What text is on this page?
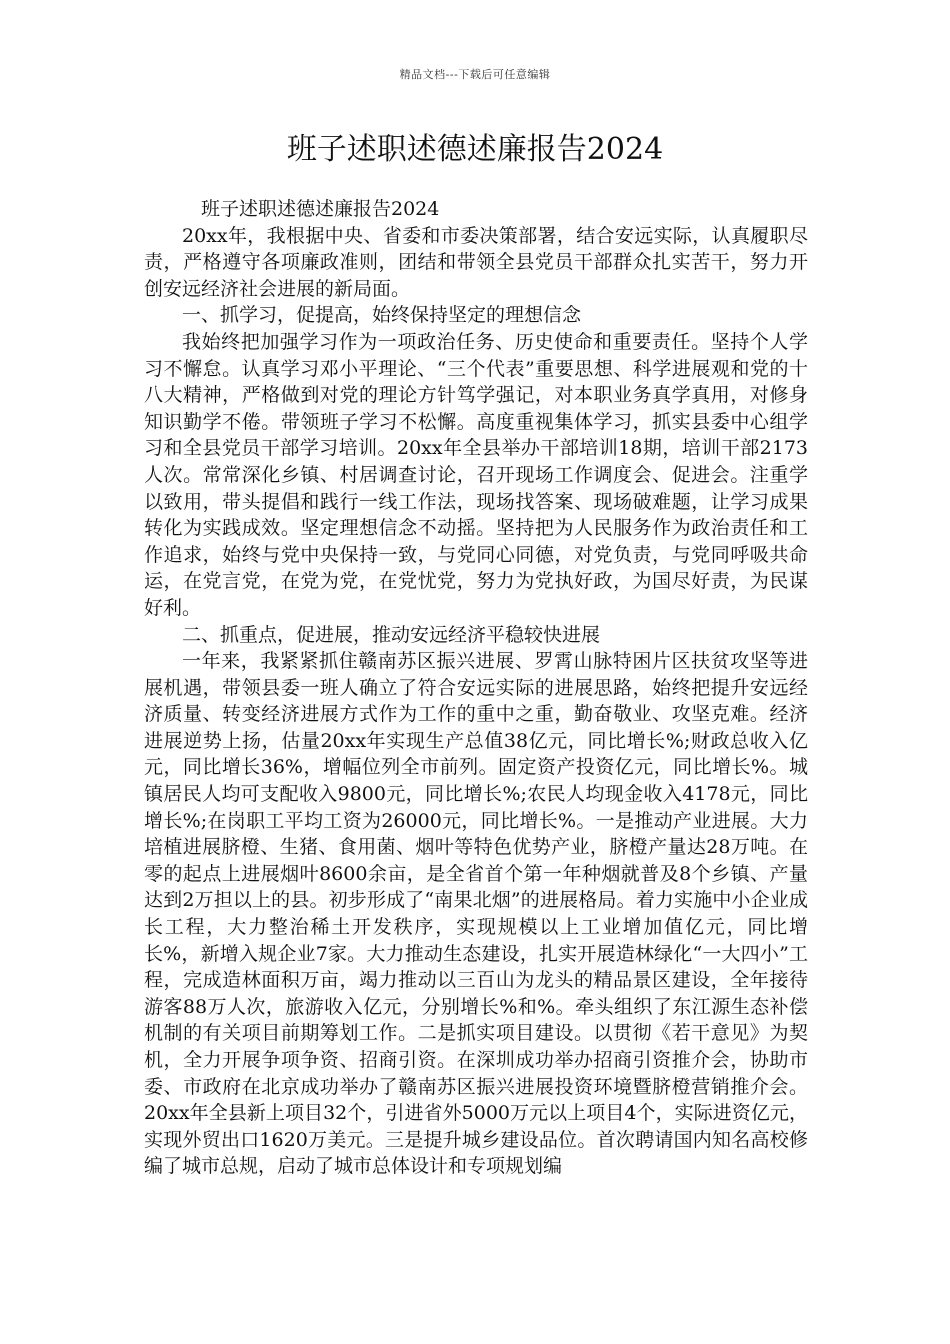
精品文档---下载后可任意编辑
班子述职述德述廉报告2024

班子述职述德述廉报告2024

20xx年，我根据中央、省委和市委决策部署，结合安远实际，认真履职尽责，严格遵守各项廉政准则，团结和带领全县党员干部群众扎实苦干，努力开创安远经济社会进展的新局面。

一、抓学习，促提高，始终保持坚定的理想信念

我始终把加强学习作为一项政治任务、历史使命和重要责任。坚持个人学习不懈怠。认真学习邓小平理论、“三个代表”重要思想、科学进展观和党的十八大精神，严格做到对党的理论方针笃学强记，对本职业务真学真用，对修身知识勤学不倦。带领班子学习不松懈。高度重视集体学习，抓实县委中心组学习和全县党员干部学习培训。20xx年全县举办干部培训18期，培训干部2173人次。常常深化乡镇、村居调查讨论，召开现场工作调度会、促进会。注重学以致用，带头提倡和践行一线工作法，现场找答案、现场破难题，让学习成果转化为实践成效。坚定理想信念不动摇。坚持把为人民服务作为政治责任和工作追求，始终与党中央保持一致，与党同心同德，对党负责，与党同呼吸共命运，在党言党，在党为党，在党忧党，努力为党执好政，为国尽好责，为民谋好利。

二、抓重点，促进展，推动安远经济平稳较快进展

一年来，我紧紧抓住赣南苏区振兴进展、罗霄山脉特困片区扶贫攻坚等进展机遇，带领县委一班人确立了符合安远实际的进展思路，始终把提升安远经济质量、转变经济进展方式作为工作的重中之重，勤奋敬业、攻坚克难。经济进展逆势上扬，估量20xx年实现生产总值38亿元，同比增长%;财政总收入亿元，同比增长36%，增幅位列全市前列。固定资产投资亿元，同比增长%。城镇居民人均可支配收入9800元，同比增长%;农民人均现金收入4178元，同比增长%;在岗职工平均工资为26000元，同比增长%。一是推动产业进展。大力培植进展脐橙、生猪、食用菌、烟叶等特色优势产业，脐橙产量达28万吨。在零的起点上进展烟叶8600余亩，是全省首个第一年种烟就普及8个乡镇、产量达到2万担以上的县。初步形成了“南果北烟”的进展格局。着力实施中小企业成长工程，大力整治稀土开发秩序，实现规模以上工业增加值亿元，同比增长%，新增入规企业7家。大力推动生态建设，扎实开展造林绿化“一大四小”工程，完成造林面积万亩，竭力推动以三百山为龙头的精品景区建设，全年接待游客88万人次，旅游收入亿元，分别增长%和%。牵头组织了东江源生态补偿机制的有关项目前期筹划工作。二是抓实项目建设。以贯彻《若干意见》为契机，全力开展争项争资、招商引资。在深圳成功举办招商引资推介会，协助市委、市政府在北京成功举办了赣南苏区振兴进展投资环境暨脐橙营销推介会。20xx年全县新上项目32个，引进省外5000万元以上项目4个，实际进资亿元，实现外贸出口1620万美元。三是提升城乡建设品位。首次聘请国内知名高校修编了城市总规，启动了城市总体设计和专项规划编
